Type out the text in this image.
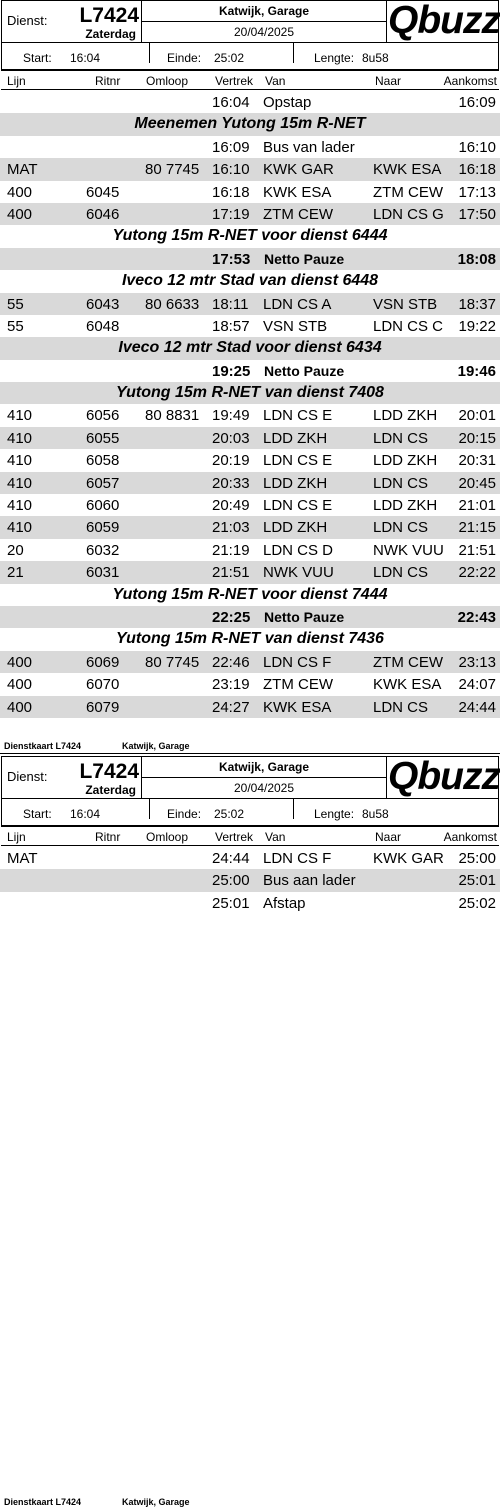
Dienst: L7424
Zaterdag
Katwijk, Garage
20/04/2025	Qbuzz
Start: 16:04	Einde: 25:02	Lengte: 8u58
Lijn	Ritnr Omloop Vertrek Van	Naar	Aankomst
16:04 Opstap	16:09
Meenemen Yutong 15m R-NET
16:09 Bus van lader	16:10
MAT	80 7745 16:10 KWK GAR	KWK ESA 16:18
400	6045	16:18 KWK ESA	ZTM CEW 17:13
400	6046	17:19 ZTM CEW	LDN CS G 17:50
Yutong 15m R-NET voor dienst 6444
17:53 Netto Pauze	18:08
Iveco 12 mtr Stad van dienst 6448
55	6043 80 6633 18:11 LDN CS A	VSN STB 18:37
55	6048	18:57 VSN STB	LDN CS C 19:22
Iveco 12 mtr Stad voor dienst 6434
19:25 Netto Pauze	19:46
Yutong 15m R-NET van dienst 7408
410	6056 80 8831 19:49 LDN CS E	LDD ZKH 20:01
410	6055	20:03 LDD ZKH	LDN CS 20:15
410	6058	20:19 LDN CS E	LDD ZKH 20:31
410	6057	20:33 LDD ZKH	LDN CS 20:45
410	6060	20:49 LDN CS E	LDD ZKH 21:01
410	6059	21:03 LDD ZKH	LDN CS 21:15
20	6032	21:19 LDN CS D	NWK VUU 21:51
21	6031	21:51 NWK VUU	LDN CS 22:22
Yutong 15m R-NET voor dienst 7444
22:25 Netto Pauze	22:43
Yutong 15m R-NET van dienst 7436
400	6069 80 7745 22:46 LDN CS F	ZTM CEW 23:13
400	6070	23:19 ZTM CEW	KWK ESA 24:07
400	6079	24:27 KWK ESA	LDN CS 24:44
Dienstkaart L7424	Katwijk, Garage
Dienst: L7424
Zaterdag
Katwijk, Garage
20/04/2025	Qbuzz
Start: 16:04	Einde: 25:02	Lengte: 8u58
Lijn	Ritnr Omloop Vertrek Van	Naar	Aankomst
MAT	24:44 LDN CS F	KWK GAR 25:00
25:00 Bus aan lader	25:01
25:01 Afstap	25:02
Dienstkaart L7424	Katwijk, Garage
